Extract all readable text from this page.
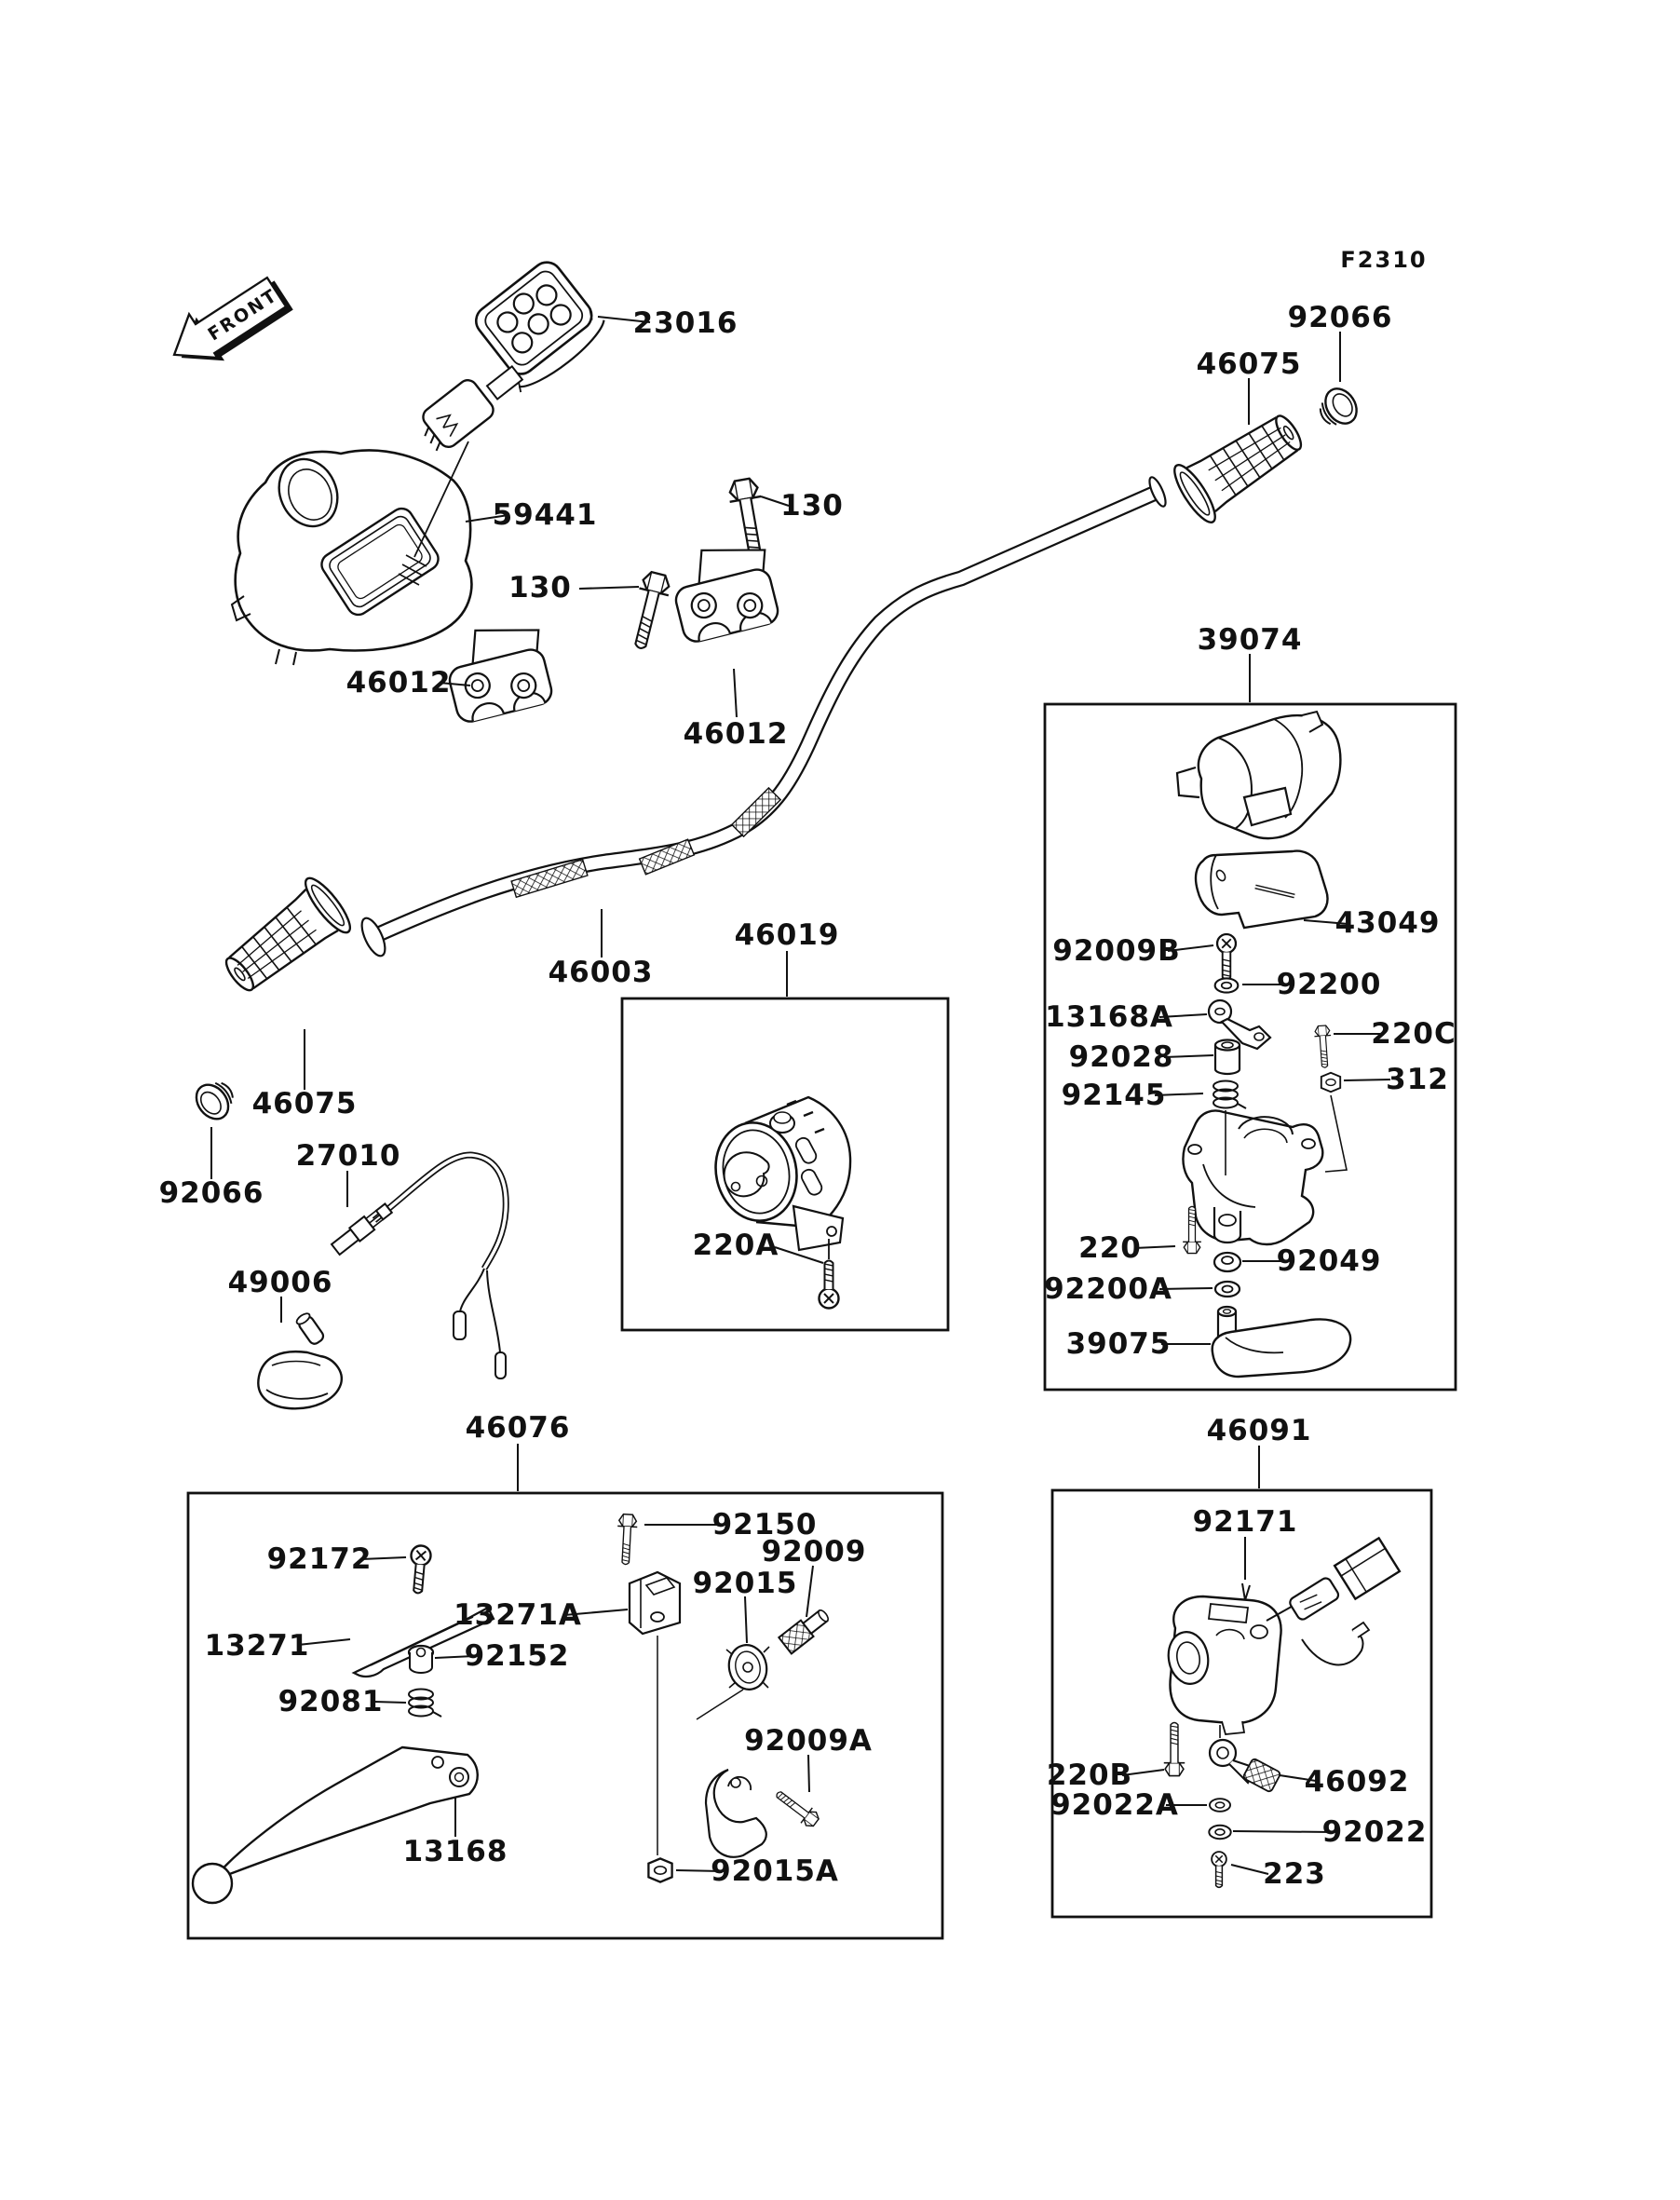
FRONT
F2310
23016
59441	130
130
46012
46012
46075
92066
39074
46003
46019
46075
27010
92066
49006
220A
43049
92009B
92200
13168A	220C
92028
312
92145
220	92049
92200A
39075
46076	46091
92172
13271
13271A
92152
92081
13168
92150
92009
92015
92009A
92015A
92171
220B
92022A
46092
92022
223
